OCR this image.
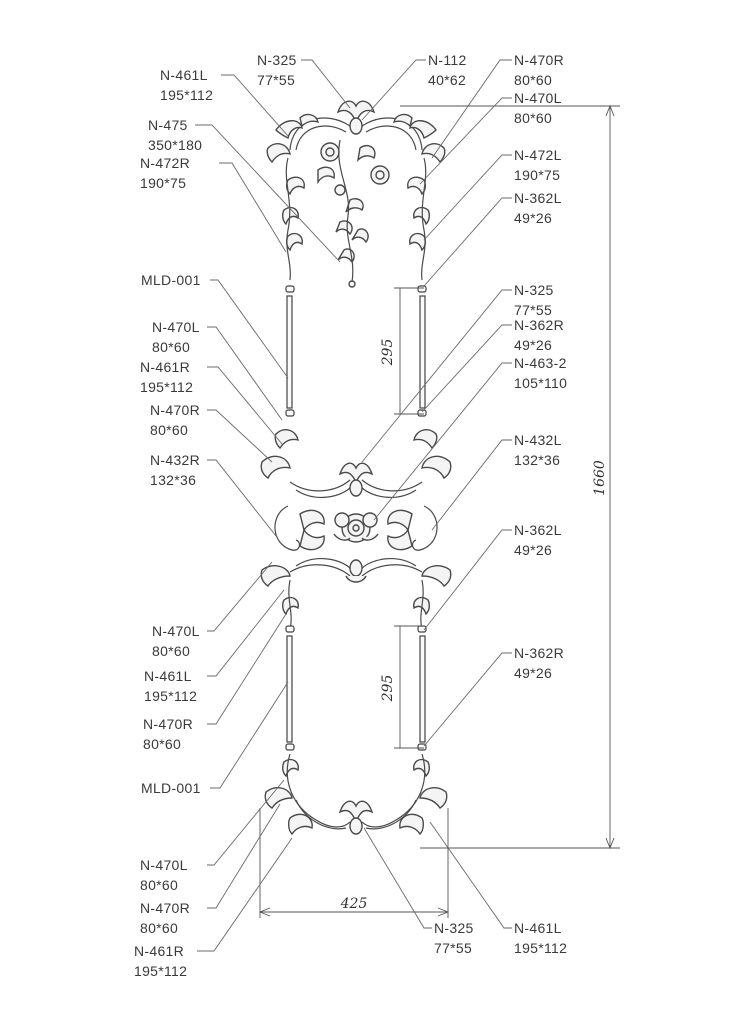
1660
295
295
425
N-461L 195*112
N-475 350*180
N-472R 190*75
MLD-001
N-470L 80*60
N-461R 195*112
N-470R 80*60
N-432R 132*36
N-470L 80*60
N-461L 195*112
N-470R 80*60
MLD-001
N-470L 80*60
N-470R 80*60
N-461R 195*112
N-325 77*55
N-112 40*62
N-470R 80*60
N-470L 80*60
N-472L 190*75
N-362L 49*26
N-325 77*55
N-362R 49*26
N-463-2 105*110
N-432L 132*36
N-362L 49*26
N-362R 49*26
N-325 77*55
N-461L 195*112
